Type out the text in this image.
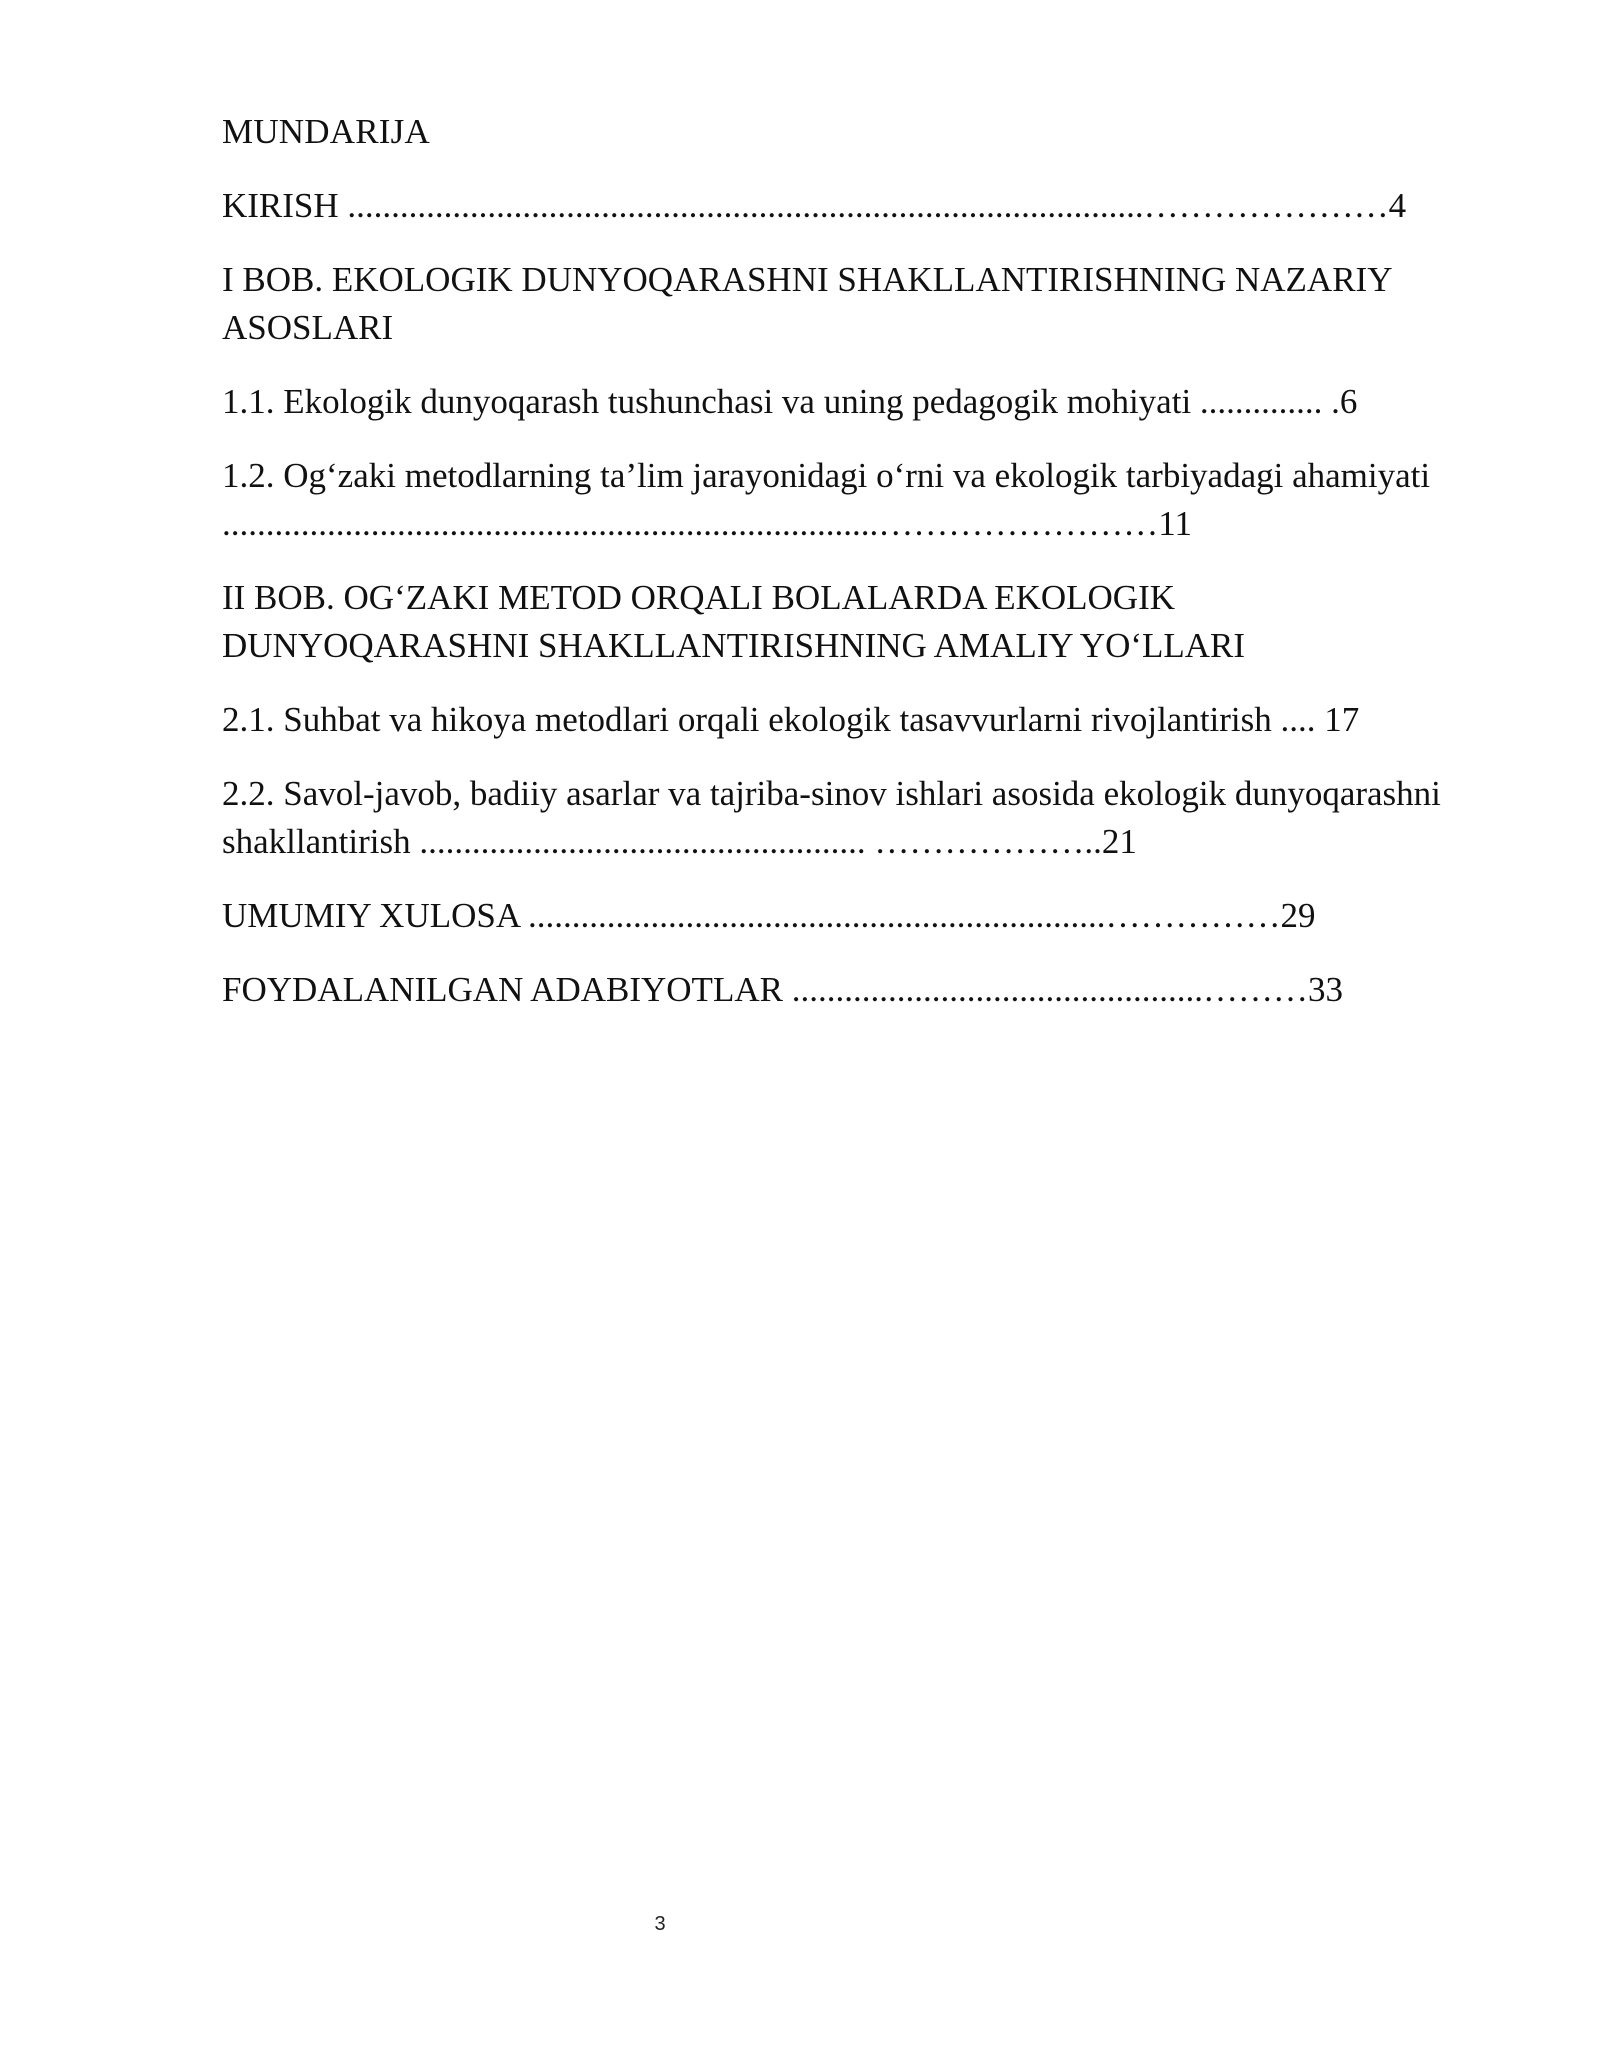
MUNDARIJA
KIRISH ...........................................................................................…………………4
I BOB. EKOLOGIK DUNYOQARASHNI SHAKLLANTIRISHNING NAZARIY ASOSLARI
1.1. Ekologik dunyoqarash tushunchasi va uning pedagogik mohiyati .............. .6
1.2. Og‘zaki metodlarning ta’lim jarayonidagi o‘rni va ekologik tarbiyadagi ahamiyati ...........................................................................……………………11
II BOB. OG‘ZAKI METOD ORQALI BOLALARDA EKOLOGIK DUNYOQARASHNI SHAKLLANTIRISHNING AMALIY YO‘LLARI
2.1. Suhbat va hikoya metodlari orqali ekologik tasavvurlarni rivojlantirish .... 17
2.2. Savol-javob, badiiy asarlar va tajriba-sinov ishlari asosida ekologik dunyoqarashni shakllantirish ................................................... ………………..21
UMUMIY XULOSA ..................................................................……………29
FOYDALANILGAN ADABIYOTLAR ...............................................………33
3
